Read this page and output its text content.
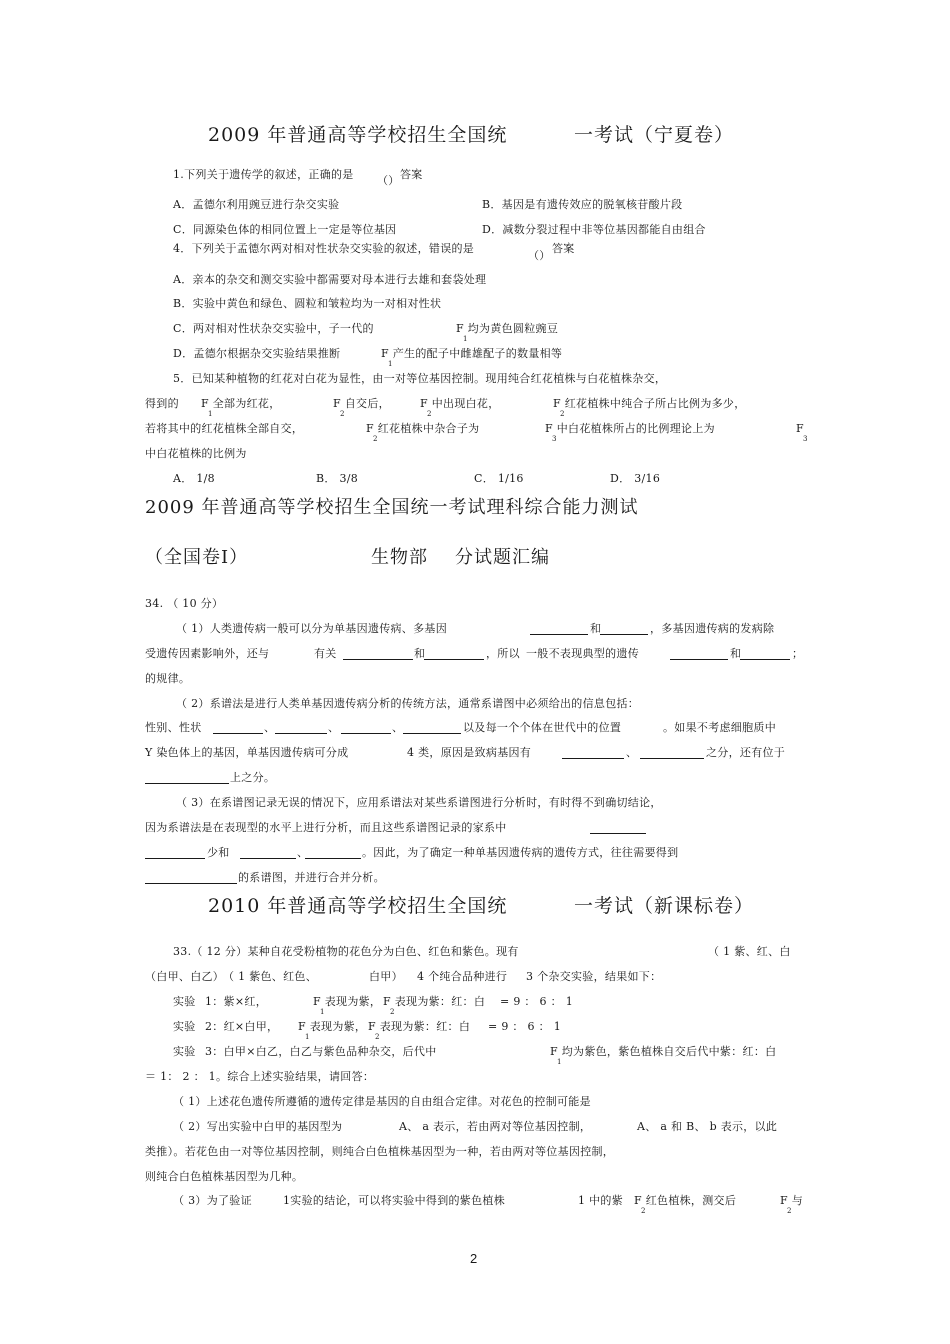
2009 年普通高等学校招生全国统	一考试（宁夏卷）
1.下列关于遗传学的叙述，正确的是 （） 答案
A．孟德尔利用豌豆进行杂交实验	B．基因是有遗传效应的脱氧核苷酸片段
C．同源染色体的相同位置上一定是等位基因	D．减数分裂过程中非等位基因都能自由组合
4．下列关于孟德尔两对相对性状杂交实验的叙述，错误的是
（）
答案
A．亲本的杂交和测交实验中都需要对母本进行去雄和套袋处理
B．实验中黄色和绿色、圆粒和皱粒均为一对相对性状
C．两对相对性状杂交实验中，子一代的	F 均为黄色圆粒豌豆
1
D．孟德尔根据杂交实验结果推断	F 产生的配子中雌雄配子的数量相等
1
5．已知某种植物的红花对白花为显性，由一对等位基因控制。现用纯合红花植株与白花植株杂交，
得到的 F 全部为红花，
1
F 自交后，
2
F 中出现白花，
2
F 红花植株中纯合子所占比例为多少，
2
若将其中的红花植株全部自交，	F 红花植株中杂合子为
2
F 中白花植株所占的比例理论上为
3
F
3
中白花植株的比例为
A． 1/8	B． 3/8	C． 1/16	D． 3/16
2009 年普通高等学校招生全国统一考试理科综合能力测试
（全国卷Ⅰ）	生物部 分试题汇编
34. （ 10 分）
（ 1）人类遗传病一般可以分为单基因遗传病、多基因	和	，多基因遗传病的发病除
受遗传因素影响外，还与	有关	和	，所以 一般不表现典型的遗传	和	；
的规律。
（ 2）系谱法是进行人类单基因遗传病分析的传统方法，通常系谱图中必须给出的信息包括：
性别、性状	、	、	、	以及每一个个体在世代中的位置	。如果不考虑细胞质中
Y 染色体上的基因，单基因遗传病可分成	4 类，原因是致病基因有	、	之分，还有位于
上之分。
（ 3）在系谱图记录无误的情况下，应用系谱法对某些系谱图进行分析时，有时得不到确切结论，
因为系谱法是在表现型的水平上进行分析，而且这些系谱图记录的家系中
少和	、	。因此，为了确定一种单基因遗传病的遗传方式，往往需要得到
的系谱图，并进行合并分析。
2010 年普通高等学校招生全国统	一考试（新课标卷）
33.（ 12 分）某种自花受粉植物的花色分为白色、红色和紫色。现有	（ 1 紫、红、白
（白甲、白乙）
（ 1 紫色、红色、	白甲） 4 个纯合品种进行 3 个杂交实验，结果如下：
实验 1：紫×红，	F 表现为紫，
1
F 表现为紫：红：白
2
= 9 ： 6 ： 1
实验 2：红×白甲， F 表现为紫，
1
F 表现为紫：红：白
2
= 9 ： 6 ： 1
实验 3：白甲×白乙，白乙与紫色品种杂交，后代中	F 均为紫色，紫色植株自交后代中紫：红：白
1
＝ 1： 2 ： 1。综合上述实验结果，请回答：
（ 1）上述花色遗传所遵循的遗传定律是基因的自由组合定律。对花色的控制可能是
（ 2）写出实验中白甲的基因型为	A、 a 表示，若由两对等位基因控制，	A、 a 和 B、 b 表示，以此
类推）。若花色由一对等位基因控制，则纯合白色植株基因型为一种，若由两对等位基因控制，
则纯合白色植株基因型为几种。
（ 3）为了验证	1实验的结论，可以将实验中得到的紫色植株	1 中的紫 F 红色植株，测交后
2
F 与
2
2
